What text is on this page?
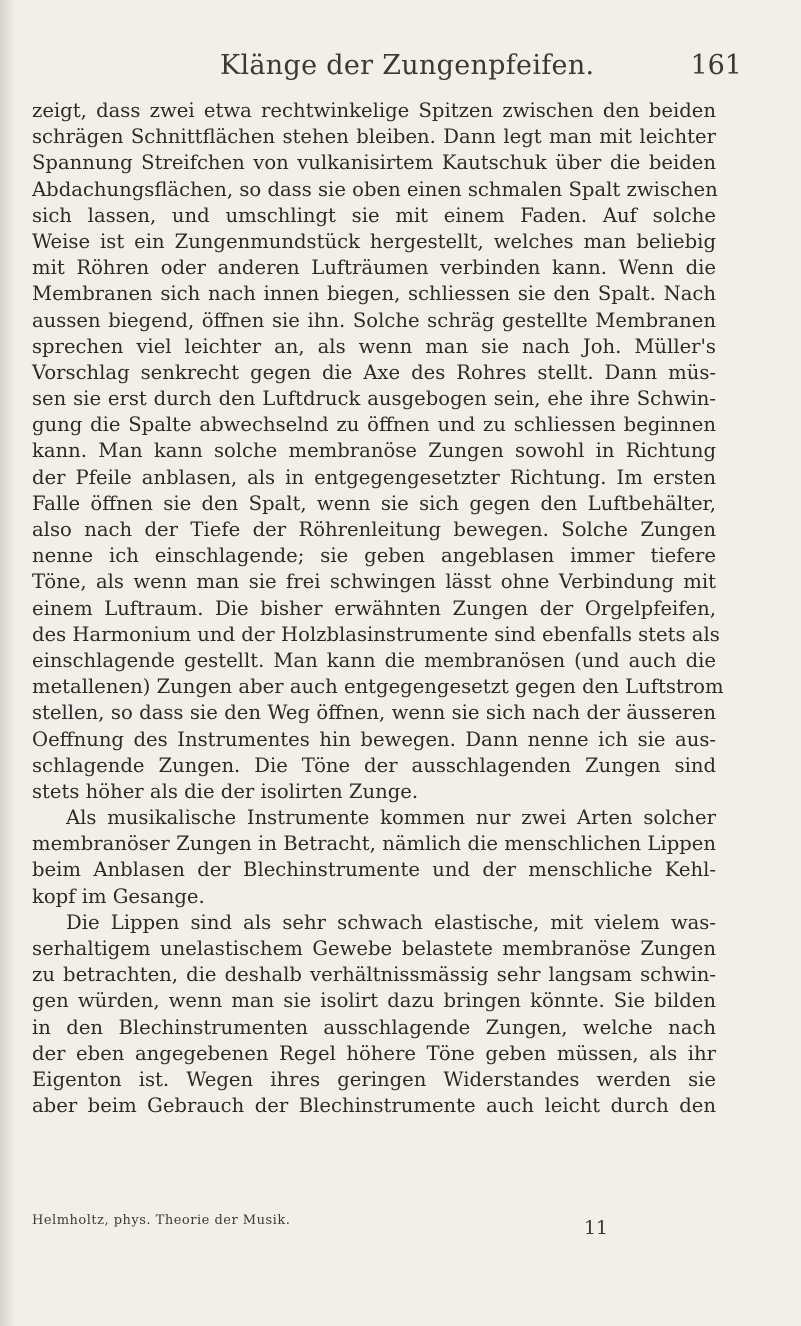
Klänge der Zungenpfeifen.	161
zeigt, dass zwei etwa rechtwinkelige Spitzen zwischen den beiden
schrägen Schnittflächen stehen bleiben. Dann legt man mit leichter
Spannung Streifchen von vulkanisirtem Kautschuk über die beiden
Abdachungsflächen, so dass sie oben einen schmalen Spalt zwischen
sich lassen, und umschlingt sie mit einem Faden. Auf solche
Weise ist ein Zungenmundstück hergestellt, welches man beliebig
mit Röhren oder anderen Lufträumen verbinden kann. Wenn die
Membranen sich nach innen biegen, schliessen sie den Spalt. Nach
aussen biegend, öffnen sie ihn. Solche schräg gestellte Membranen
sprechen viel leichter an, als wenn man sie nach Joh. Müller's
Vorschlag senkrecht gegen die Axe des Rohres stellt. Dann müs-
sen sie erst durch den Luftdruck ausgebogen sein, ehe ihre Schwin-
gung die Spalte abwechselnd zu öffnen und zu schliessen beginnen
kann. Man kann solche membranöse Zungen sowohl in Richtung
der Pfeile anblasen, als in entgegengesetzter Richtung. Im ersten
Falle öffnen sie den Spalt, wenn sie sich gegen den Luftbehälter,
also nach der Tiefe der Röhrenleitung bewegen. Solche Zungen
nenne ich einschlagende; sie geben angeblasen immer tiefere
Töne, als wenn man sie frei schwingen lässt ohne Verbindung mit
einem Luftraum. Die bisher erwähnten Zungen der Orgelpfeifen,
des Harmonium und der Holzblasinstrumente sind ebenfalls stets als
einschlagende gestellt. Man kann die membranösen (und auch die
metallenen) Zungen aber auch entgegengesetzt gegen den Luftstrom
stellen, so dass sie den Weg öffnen, wenn sie sich nach der äusseren
Oeffnung des Instrumentes hin bewegen. Dann nenne ich sie aus-
schlagende Zungen. Die Töne der ausschlagenden Zungen sind
stets höher als die der isolirten Zunge.
Als musikalische Instrumente kommen nur zwei Arten solcher
membranöser Zungen in Betracht, nämlich die menschlichen Lippen
beim Anblasen der Blechinstrumente und der menschliche Kehl-
kopf im Gesange.
Die Lippen sind als sehr schwach elastische, mit vielem was-
serhaltigem unelastischem Gewebe belastete membranöse Zungen
zu betrachten, die deshalb verhältnissmässig sehr langsam schwin-
gen würden, wenn man sie isolirt dazu bringen könnte. Sie bilden
in den Blechinstrumenten ausschlagende Zungen, welche nach
der eben angegebenen Regel höhere Töne geben müssen, als ihr
Eigenton ist. Wegen ihres geringen Widerstandes werden sie
aber beim Gebrauch der Blechinstrumente auch leicht durch den
Helmholtz, phys. Theorie der Musik.	11
